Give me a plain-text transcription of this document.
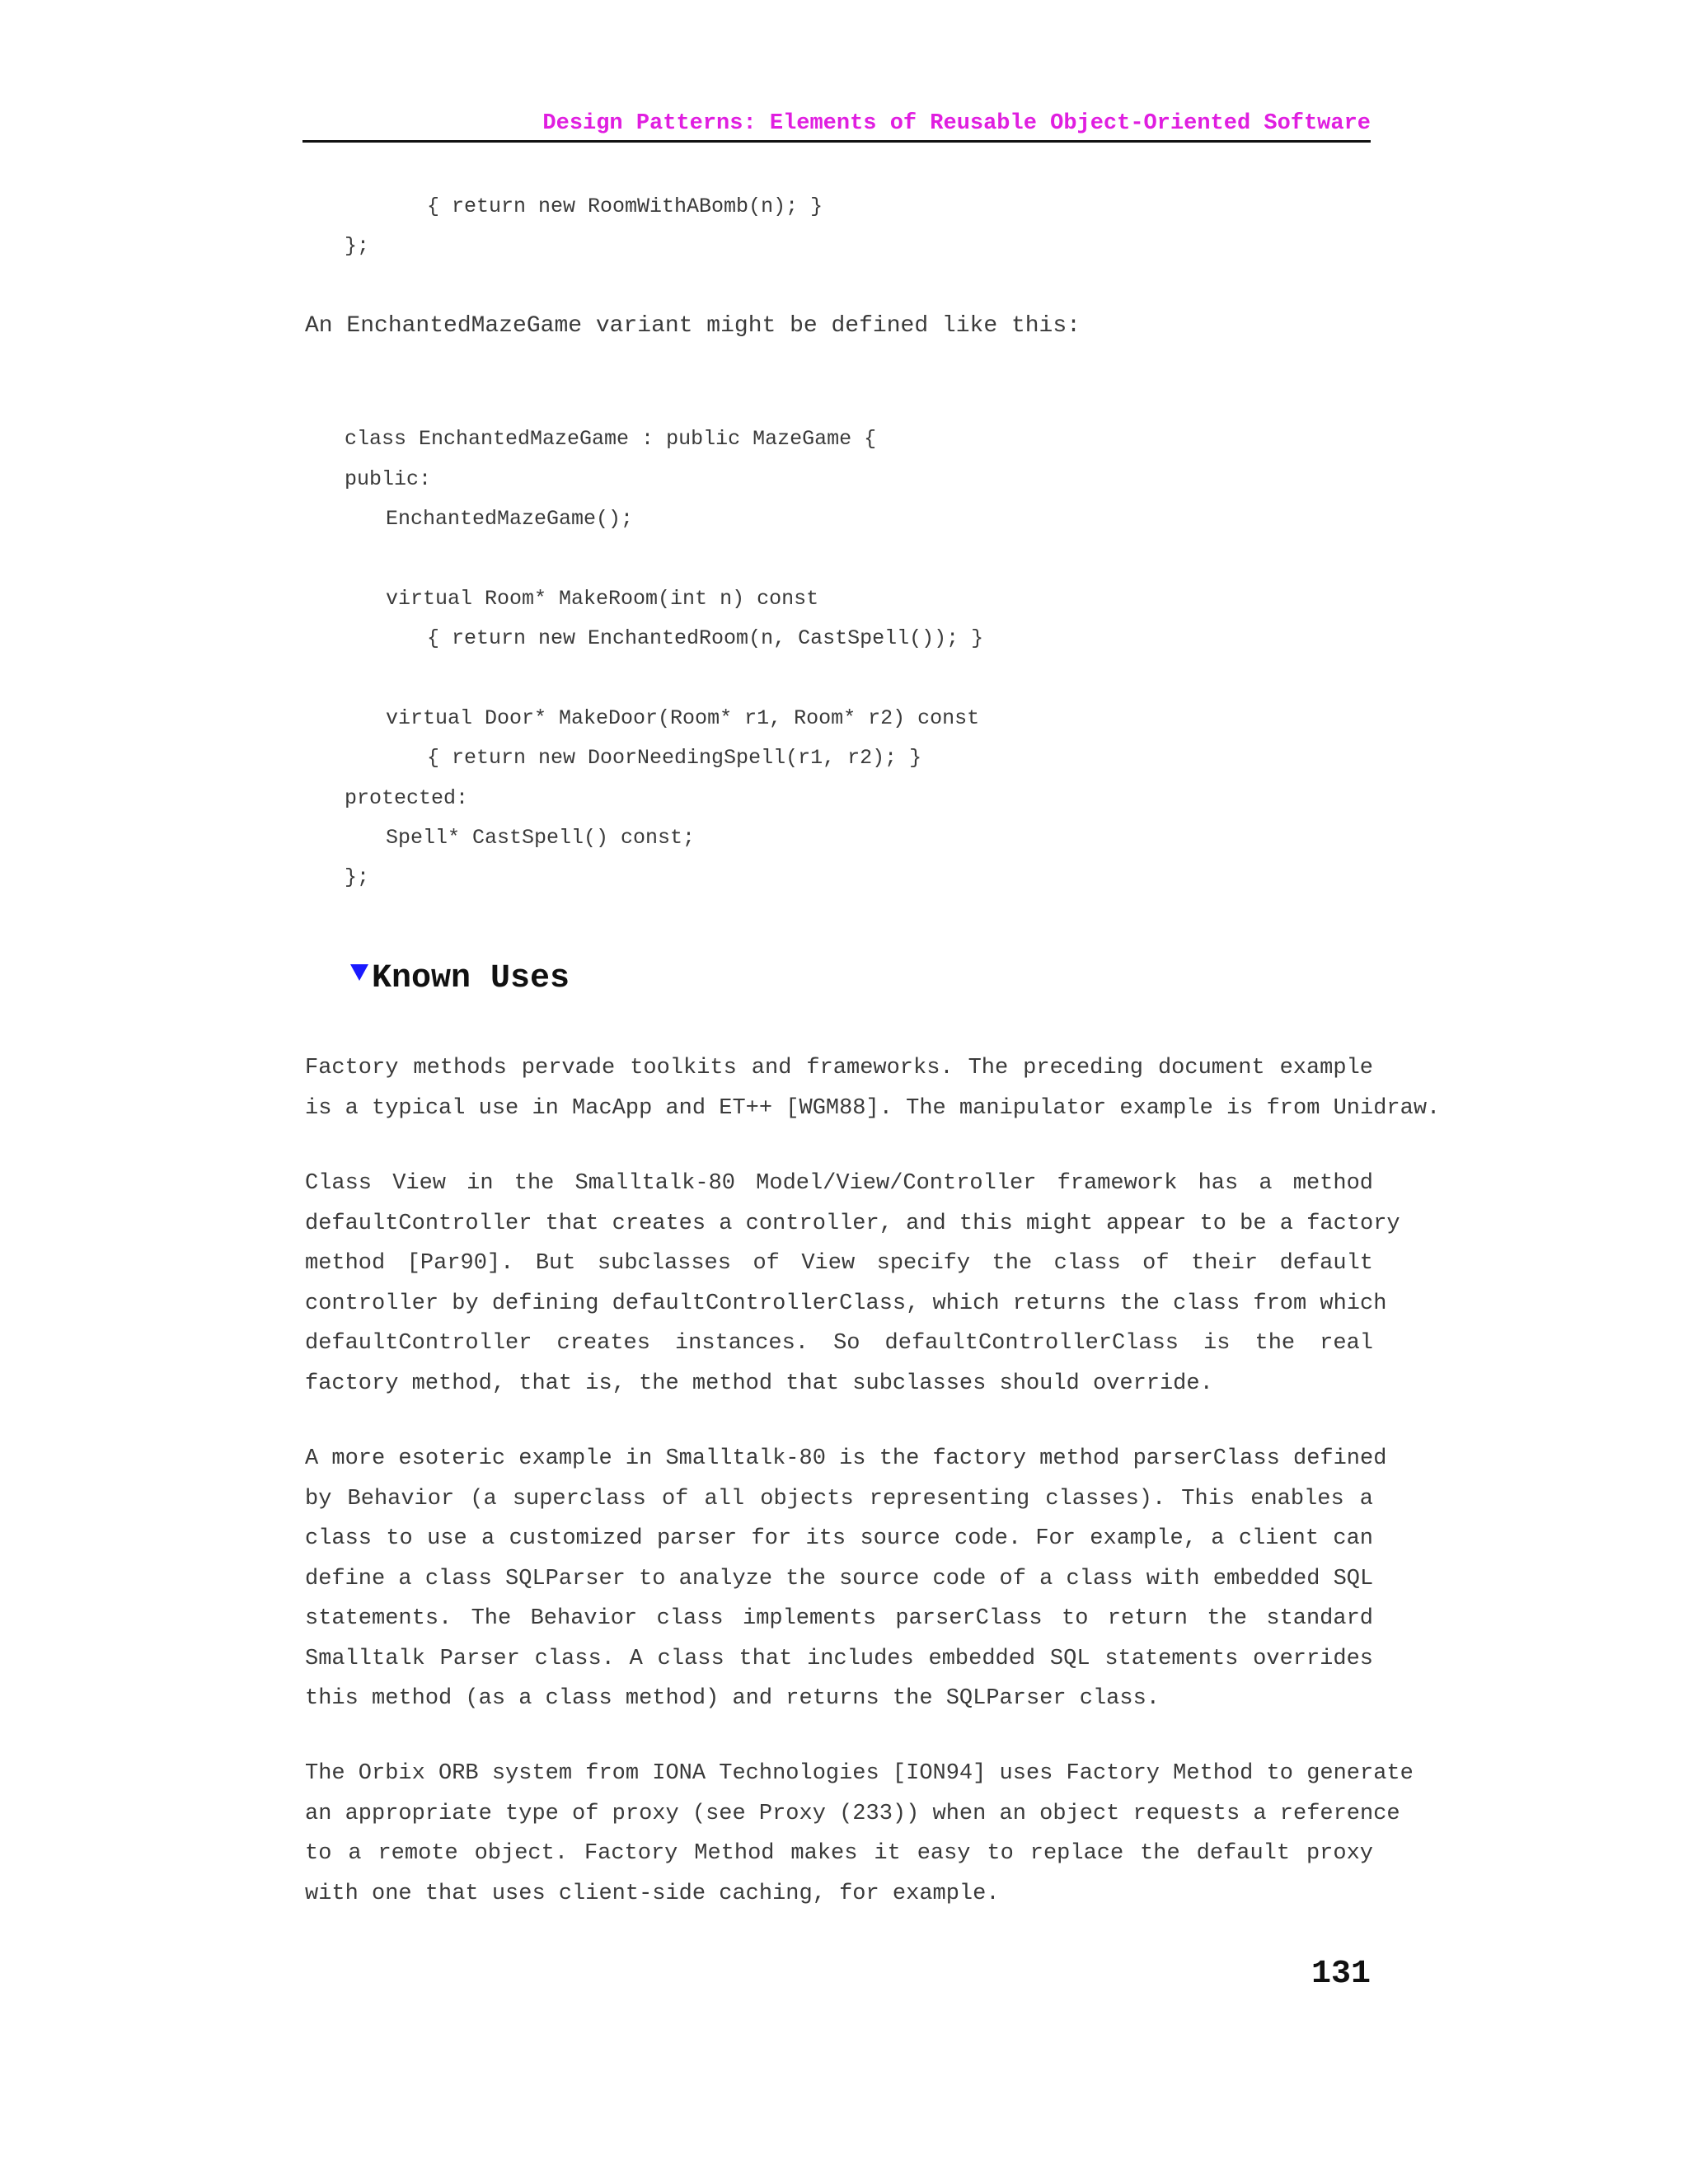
Design Patterns: Elements of Reusable Object-Oriented Software
{ return new RoomWithABomb(n); }
};
An EnchantedMazeGame variant might be defined like this:
class EnchantedMazeGame : public MazeGame {
public:
EnchantedMazeGame();
virtual Room* MakeRoom(int n) const
{ return new EnchantedRoom(n, CastSpell()); }
virtual Door* MakeDoor(Room* r1, Room* r2) const
{ return new DoorNeedingSpell(r1, r2); }
protected:
Spell* CastSpell() const;
};
Known Uses
Factory methods pervade toolkits and frameworks. The preceding document example
is a typical use in MacApp and ET++ [WGM88]. The manipulator example is from Unidraw.
Class View in the Smalltalk-80 Model/View/Controller framework has a method
defaultController that creates a controller, and this might appear to be a factory
method [Par90]. But subclasses of View specify the class of their default
controller by defining defaultControllerClass, which returns the class from which
defaultController creates instances. So defaultControllerClass is the real
factory method, that is, the method that subclasses should override.
A more esoteric example in Smalltalk-80 is the factory method parserClass defined
by Behavior (a superclass of all objects representing classes). This enables a
class to use a customized parser for its source code. For example, a client can
define a class SQLParser to analyze the source code of a class with embedded SQL
statements. The Behavior class implements parserClass to return the standard
Smalltalk Parser class. A class that includes embedded SQL statements overrides
this method (as a class method) and returns the SQLParser class.
The Orbix ORB system from IONA Technologies [ION94] uses Factory Method to generate
an appropriate type of proxy (see Proxy (233)) when an object requests a reference
to a remote object. Factory Method makes it easy to replace the default proxy
with one that uses client-side caching, for example.
131
